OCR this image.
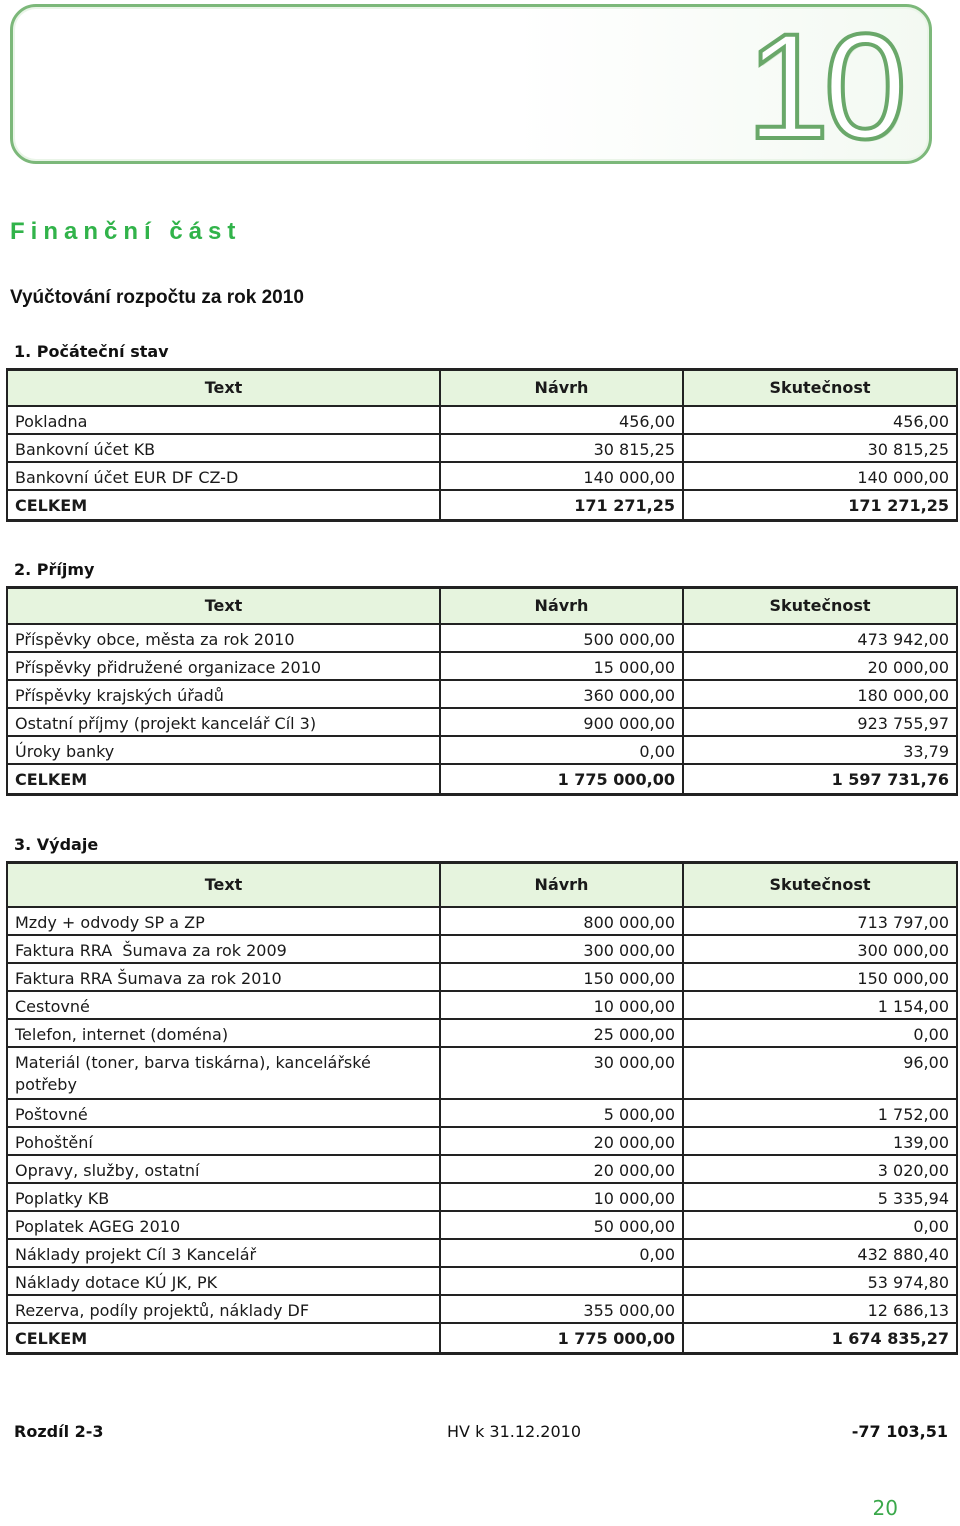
10
Finanční část
Vyúčtování rozpočtu za rok 2010
1. Počáteční stav
Text	Návrh	Skutečnost
Pokladna	456,00	456,00
Bankovní účet KB	30 815,25	30 815,25
Bankovní účet EUR DF CZ-D	140 000,00	140 000,00
CELKEM	171 271,25	171 271,25
2. Příjmy
Text	Návrh	Skutečnost
Příspěvky obce, města za rok 2010	500 000,00	473 942,00
Příspěvky přidružené organizace 2010	15 000,00	20 000,00
Příspěvky krajských úřadů	360 000,00	180 000,00
Ostatní příjmy (projekt kancelář Cíl 3)	900 000,00	923 755,97
Úroky banky	0,00	33,79
CELKEM	1 775 000,00	1 597 731,76
3. Výdaje
Text	Návrh	Skutečnost
Mzdy + odvody SP a ZP	800 000,00	713 797,00
Faktura RRA  Šumava za rok 2009	300 000,00	300 000,00
Faktura RRA Šumava za rok 2010	150 000,00	150 000,00
Cestovné	10 000,00	1 154,00
Telefon, internet (doména)	25 000,00	0,00
Materiál (toner, barva tiskárna), kancelářské potřeby	30 000,00	96,00
Poštovné	5 000,00	1 752,00
Pohoštění	20 000,00	139,00
Opravy, služby, ostatní	20 000,00	3 020,00
Poplatky KB	10 000,00	5 335,94
Poplatek AGEG 2010	50 000,00	0,00
Náklady projekt Cíl 3 Kancelář	0,00	432 880,40
Náklady dotace KÚ JK, PK		53 974,80
Rezerva, podíly projektů, náklady DF	355 000,00	12 686,13
CELKEM	1 775 000,00	1 674 835,27
Rozdíl 2-3	HV k 31.12.2010	-77 103,51
20
